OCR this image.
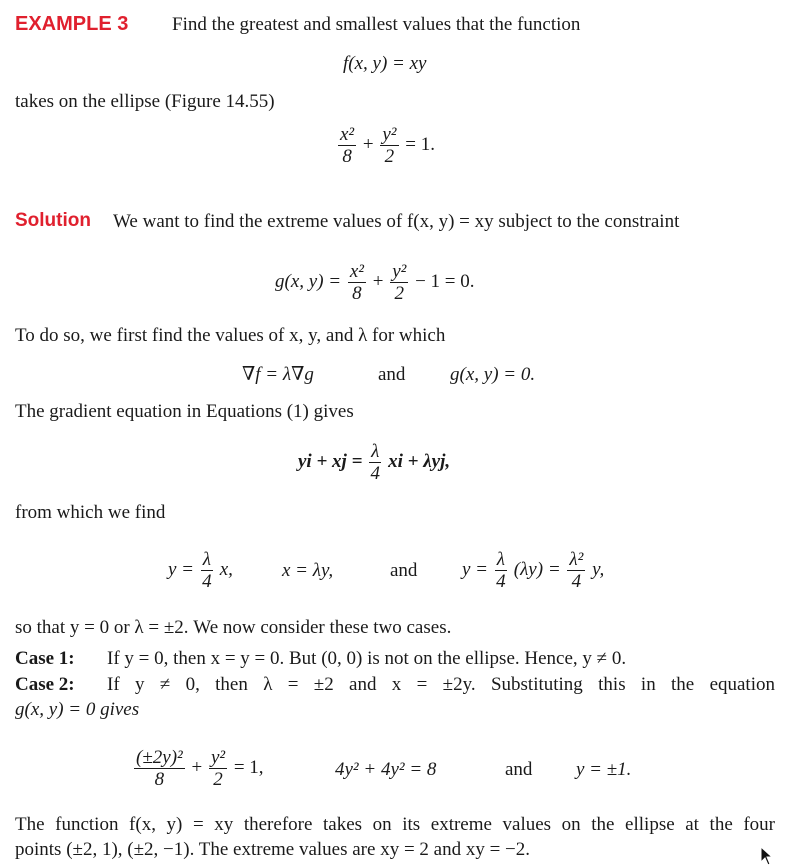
EXAMPLE 3 Find the greatest and smallest values that the function
f(x, y) = xy
takes on the ellipse (Figure 14.55)
$\frac{\text{x²}}{8} + \frac{\text{y²}}{2} = 1$.
Solution We want to find the extreme values of f(x, y) = xy subject to the constraint
g(x, $y) = \frac{\text{x²}}{8} + \frac{\text{y²}}{2} - 1 = 0$.
To do so, we first find the values of x, y, and λ for which
∇f = λ∇g	and g(x, y) = 0.
The gradient equation in Equations (1) gives
yi + xj = $\frac{\lambda}{4}$ xi + λyj,
from which we find
$y = \frac{\lambda}{4} x$,	x = λy,	and $y = \frac{\lambda}{4} (\lambda y) = \frac{\text{λ²}}{4} y$,
so that y = 0 or λ = ±2. We now consider these two cases.
Case 1: If y = 0, then x = y = 0. But (0, 0) is not on the ellipse. Hence, y ≠ 0.
Case 2: If y ≠ 0, then λ = ±2 and x = ±2y. Substituting this in the equation
g(x, y) = 0 gives
$\frac{\text{(±2y)²}}{8} + \frac{\text{y²}}{2} = 1$,	4y² + 4y² = 8	and y = ±1.
The function f(x, y) = xy therefore takes on its extreme values on the ellipse at the four
points (±2, 1), (±2, −1). The extreme values are xy = 2 and xy = −2.
